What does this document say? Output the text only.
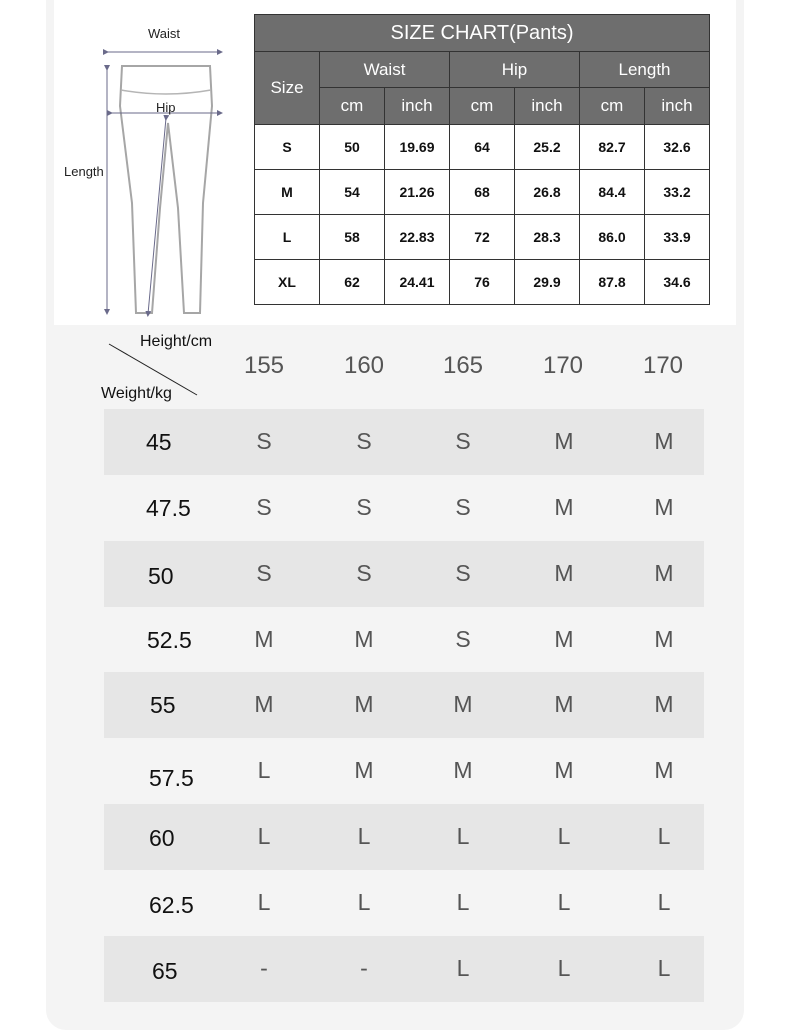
Waist
Hip
Length
SIZE CHART(Pants)						
Size	Waist		Hip		Length	
	cm	inch	cm	inch	cm	inch
S	50	19.69	64	25.2	82.7	32.6
M	54	21.26	68	26.8	84.4	33.2
L	58	22.83	72	28.3	86.0	33.9
XL	62	24.41	76	29.9	87.8	34.6
Height/cm
Weight/kg
155	160	165	170	170
45	S	S	S	M	M
47.5	S	S	S	M	M
50	S	S	S	M	M
52.5	M	M	S	M	M
55	M	M	M	M	M
57.5	L	M	M	M	M
60	L	L	L	L	L
62.5	L	L	L	L	L
65	-	-	L	L	L
